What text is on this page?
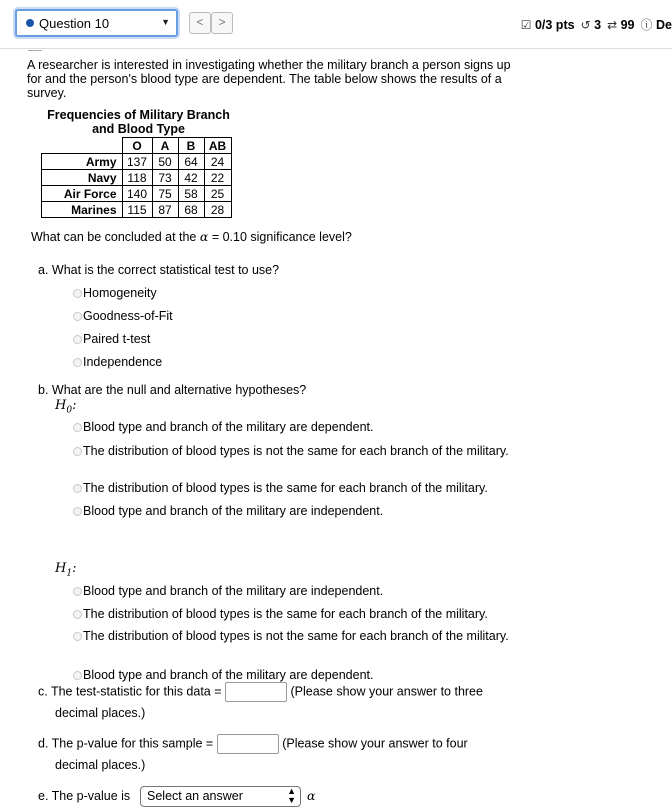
Question 10	▼	<	>	☑ 0/3 pts ↺ 3 ⇄ 99 ⓘ De
A researcher is interested in investigating whether the military branch a person signs up for and the person's blood type are dependent. The table below shows the results of a survey.
Frequencies of Military Branch and Blood Type
	O	A	B	AB
Army	137	50	64	24
Navy	118	73	42	22
Air Force	140	75	58	25
Marines	115	87	68	28
What can be concluded at the α = 0.10 significance level?
a. What is the correct statistical test to use?
Homogeneity
Goodness-of-Fit
Paired t-test
Independence
b. What are the null and alternative hypotheses?
$H_0$:
Blood type and branch of the military are dependent.
The distribution of blood types is not the same for each branch of the military.
The distribution of blood types is the same for each branch of the military.
Blood type and branch of the military are independent.
$H_1$:
Blood type and branch of the military are independent.
The distribution of blood types is the same for each branch of the military.
The distribution of blood types is not the same for each branch of the military.
Blood type and branch of the military are dependent.
c. The test-statistic for this data =	(Please show your answer to three
decimal places.)
d. The p-value for this sample =	(Please show your answer to four
decimal places.)
e. The p-value is	Select an answer	▲
▼ α
